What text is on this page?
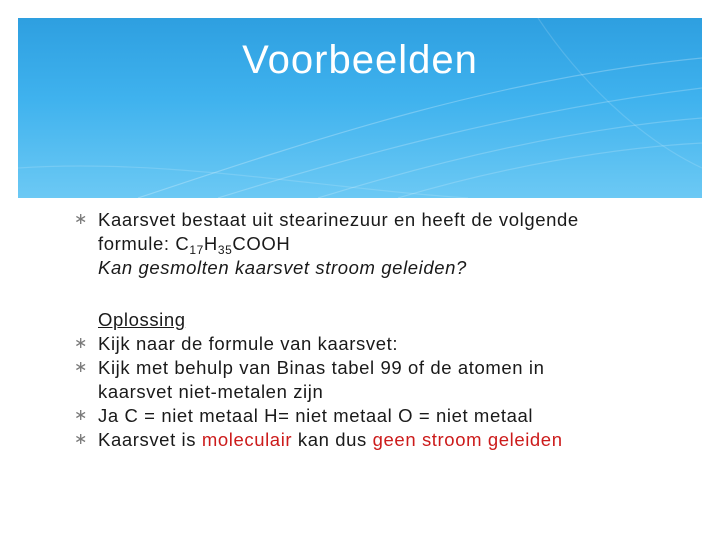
Voorbeelden
∗ Kaarsvet bestaat uit stearinezuur en heeft de volgende
formule: $C_{17}H_{35}COOH$
Kan gesmolten kaarsvet stroom geleiden?
Oplossing
∗ Kijk naar de formule van kaarsvet:
∗ Kijk met behulp van Binas tabel 99 of de atomen in
kaarsvet niet-metalen zijn
∗ Ja C = niet metaal H= niet metaal O = niet metaal
∗ Kaarsvet is moleculair kan dus geen stroom geleiden
